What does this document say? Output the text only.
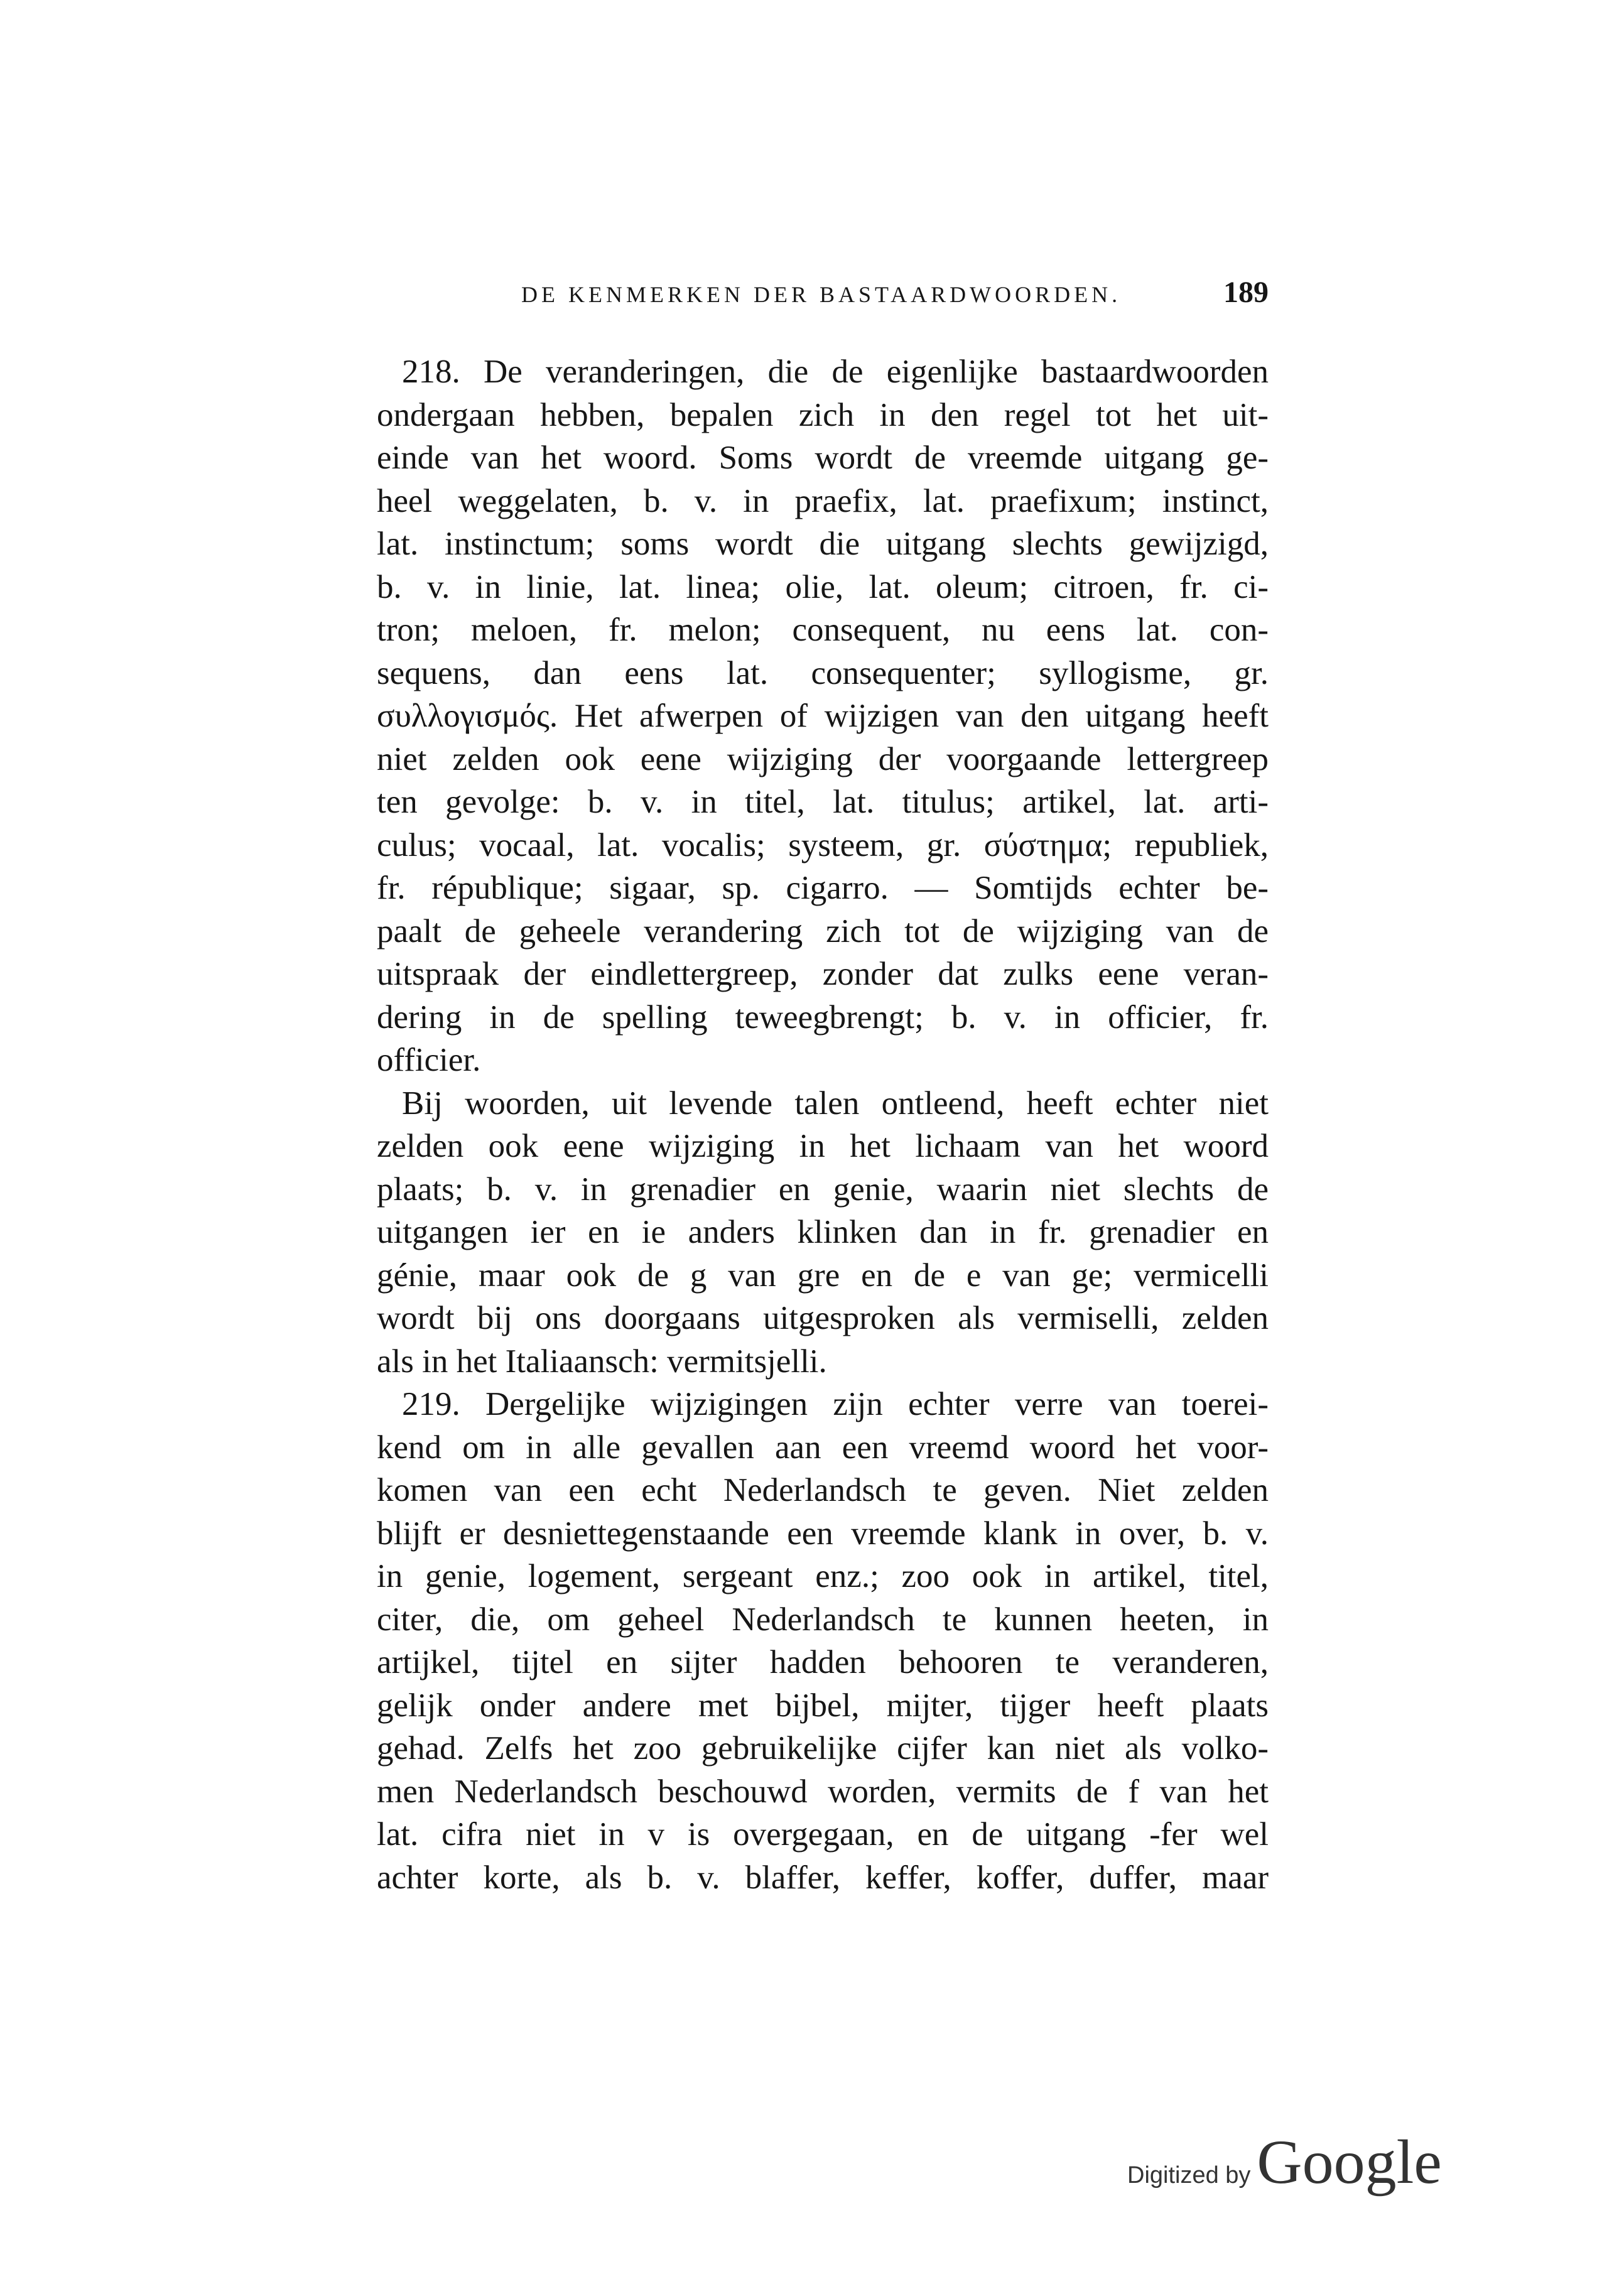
DE KENMERKEN DER BASTAARDWOORDEN.	189
218. De veranderingen, die de eigenlijke bastaardwoorden
ondergaan hebben, bepalen zich in den regel tot het uit-
einde van het woord. Soms wordt de vreemde uitgang ge-
heel weggelaten, b. v. in praefix, lat. praefixum; instinct,
lat. instinctum; soms wordt die uitgang slechts gewijzigd,
b. v. in linie, lat. linea; olie, lat. oleum; citroen, fr. ci-
tron; meloen, fr. melon; consequent, nu eens lat. con-
sequens, dan eens lat. consequenter; syllogisme, gr.
συλλογισμός. Het afwerpen of wijzigen van den uitgang heeft
niet zelden ook eene wijziging der voorgaande lettergreep
ten gevolge: b. v. in titel, lat. titulus; artikel, lat. arti-
culus; vocaal, lat. vocalis; systeem, gr. σύστημα; republiek,
fr. république; sigaar, sp. cigarro. — Somtijds echter be-
paalt de geheele verandering zich tot de wijziging van de
uitspraak der eindlettergreep, zonder dat zulks eene veran-
dering in de spelling teweegbrengt; b. v. in officier, fr.
officier.
Bij woorden, uit levende talen ontleend, heeft echter niet
zelden ook eene wijziging in het lichaam van het woord
plaats; b. v. in grenadier en genie, waarin niet slechts de
uitgangen ier en ie anders klinken dan in fr. grenadier en
génie, maar ook de g van gre en de e van ge; vermicelli
wordt bij ons doorgaans uitgesproken als vermiselli, zelden
als in het Italiaansch: vermitsjelli.
219. Dergelijke wijzigingen zijn echter verre van toerei-
kend om in alle gevallen aan een vreemd woord het voor-
komen van een echt Nederlandsch te geven. Niet zelden
blijft er desniettegenstaande een vreemde klank in over, b. v.
in genie, logement, sergeant enz.; zoo ook in artikel, titel,
citer, die, om geheel Nederlandsch te kunnen heeten, in
artijkel, tijtel en sijter hadden behooren te veranderen,
gelijk onder andere met bijbel, mijter, tijger heeft plaats
gehad. Zelfs het zoo gebruikelijke cijfer kan niet als volko-
men Nederlandsch beschouwd worden, vermits de f van het
lat. cifra niet in v is overgegaan, en de uitgang -fer wel
achter korte, als b. v. blaffer, keffer, koffer, duffer, maar
Digitized by Google
